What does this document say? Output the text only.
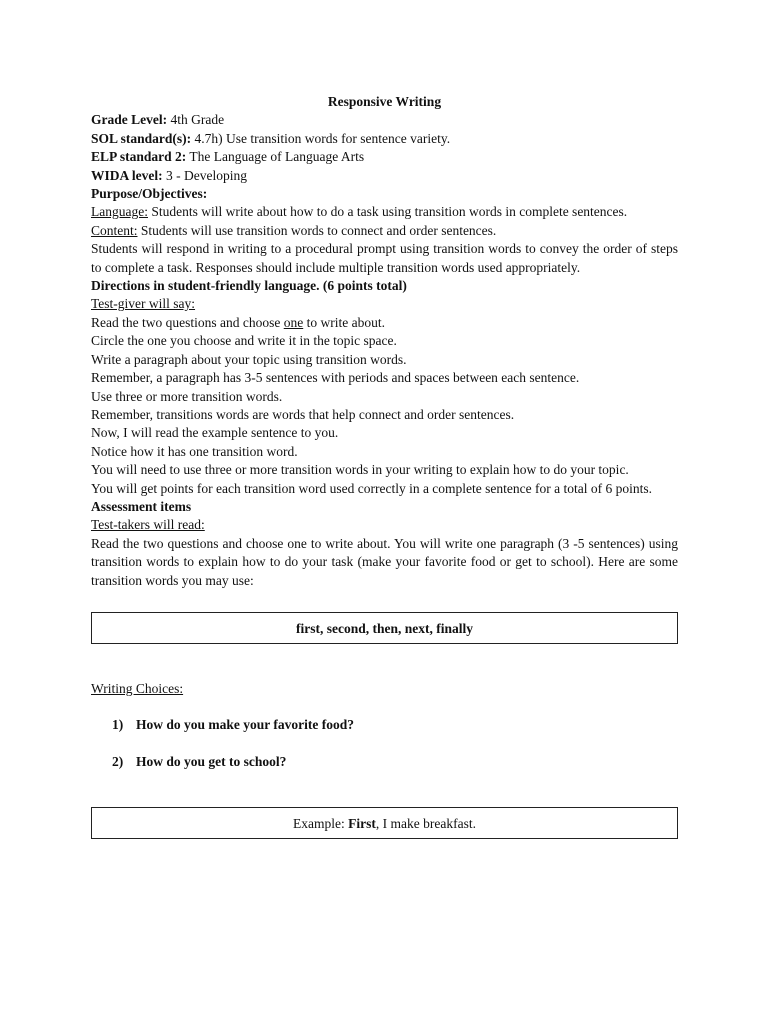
Responsive Writing
Grade Level: 4th Grade
SOL standard(s): 4.7h) Use transition words for sentence variety.
ELP standard 2: The Language of Language Arts
WIDA level: 3 - Developing
Purpose/Objectives:
Language: Students will write about how to do a task using transition words in complete sentences.
Content: Students will use transition words to connect and order sentences.
Students will respond in writing to a procedural prompt using transition words to convey the order of steps to complete a task. Responses should include multiple transition words used appropriately.
Directions in student-friendly language. (6 points total)
Test-giver will say:
Read the two questions and choose one to write about.
Circle the one you choose and write it in the topic space.
Write a paragraph about your topic using transition words.
Remember, a paragraph has 3-5 sentences with periods and spaces between each sentence.
Use three or more transition words.
Remember, transitions words are words that help connect and order sentences.
Now, I will read the example sentence to you.
Notice how it has one transition word.
You will need to use three or more transition words in your writing to explain how to do your topic.
You will get points for each transition word used correctly in a complete sentence for a total of 6 points.
Assessment items
Test-takers will read:
Read the two questions and choose one to write about. You will write one paragraph (3 -5 sentences) using transition words to explain how to do your task (make your favorite food or get to school). Here are some transition words you may use:
first, second, then, next, finally
Writing Choices:
1) How do you make your favorite food?
2) How do you get to school?
Example: First, I make breakfast.
